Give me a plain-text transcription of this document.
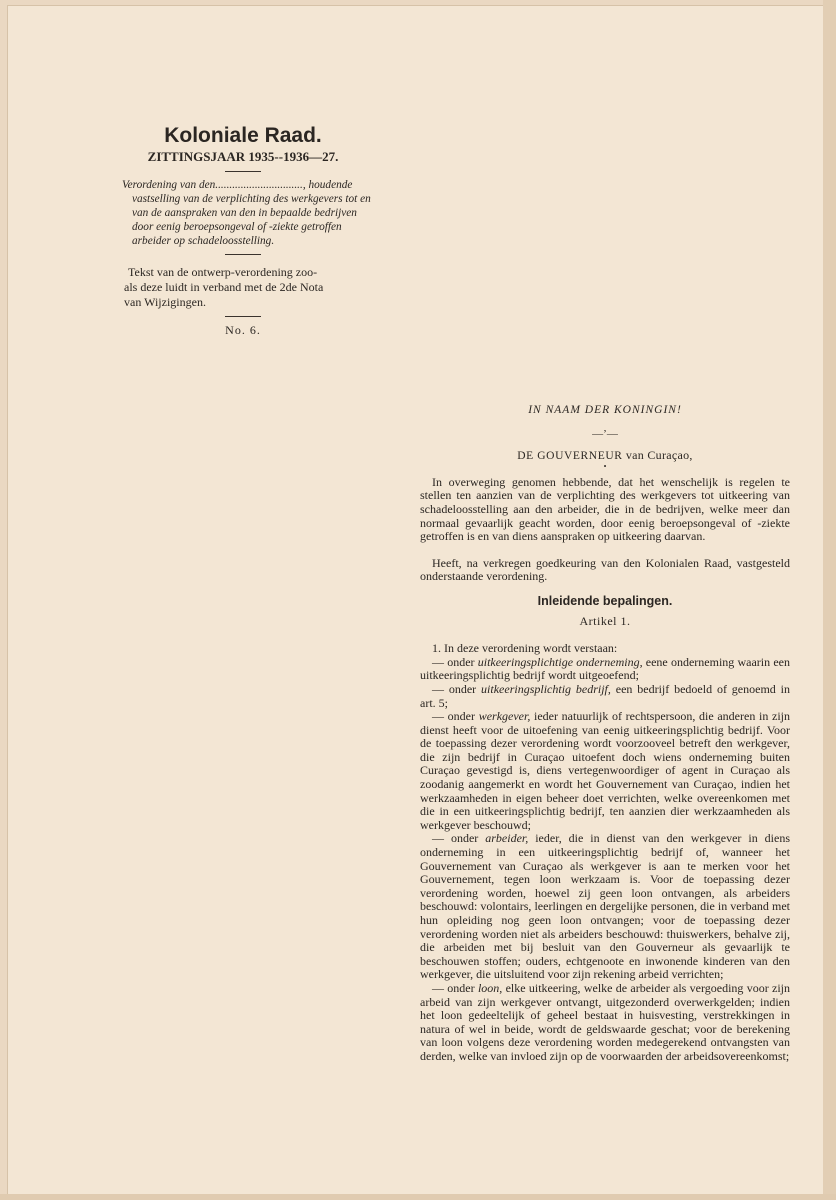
Koloniale Raad.
ZITTINGSJAAR 1935--1936—27.
Verordening van den..............................., houdende vastselling van de verplichting des werkgevers tot en van de aanspraken van den in bepaalde bedrijven door eenig beroepsongeval of -ziekte getroffen arbeider op schadeloosstelling.
Tekst van de ontwerp-verordening zoo-
als deze luidt in verband met de 2de Nota
van Wijzigingen.
No. 6.
IN NAAM DER KONINGIN!
—’—
DE GOUVERNEUR van Curaçao,
•

In overweging genomen hebbende, dat het wenschelijk is regelen te stellen ten aanzien van de verplichting des werkgevers tot uitkeering van schadeloosstelling aan den arbeider, die in de bedrijven, welke meer dan normaal gevaarlijk geacht worden, door eenig beroepsongeval of -ziekte getroffen is en van diens aanspraken op uitkeering daarvan.

Heeft, na verkregen goedkeuring van den Kolonialen Raad, vastgesteld onderstaande verordening.

Inleidende bepalingen.
Artikel 1.

1. In deze verordening wordt verstaan:

— onder uitkeeringsplichtige onderneming, eene onderneming waarin een uitkeeringsplichtig bedrijf wordt uitgeoefend;

— onder uitkeeringsplichtig bedrijf, een bedrijf bedoeld of genoemd in art. 5;

— onder werkgever, ieder natuurlijk of rechtspersoon, die anderen in zijn dienst heeft voor de uitoefening van eenig uitkeeringsplichtig bedrijf. Voor de toepassing dezer verordening wordt voorzooveel betreft den werkgever, die zijn bedrijf in Curaçao uitoefent doch wiens onderneming buiten Curaçao gevestigd is, diens vertegenwoordiger of agent in Curaçao als zoodanig aangemerkt en wordt het Gouvernement van Curaçao, indien het werkzaamheden in eigen beheer doet verrichten, welke overeenkomen met die in een uitkeeringsplichtig bedrijf, ten aanzien dier werkzaamheden als werkgever beschouwd;

— onder arbeider, ieder, die in dienst van den werkgever in diens onderneming in een uitkeeringsplichtig bedrijf of, wanneer het Gouvernement van Curaçao als werkgever is aan te merken voor het Gouvernement, tegen loon werkzaam is. Voor de toepassing dezer verordening worden, hoewel zij geen loon ontvangen, als arbeiders beschouwd: volontairs, leerlingen en dergelijke personen, die in verband met hun opleiding nog geen loon ontvangen; voor de toepassing dezer verordening worden niet als arbeiders beschouwd: thuiswerkers, behalve zij, die arbeiden met bij besluit van den Gouverneur als gevaarlijk te beschouwen stoffen; ouders, echtgenoote en inwonende kinderen van den werkgever, die uitsluitend voor zijn rekening arbeid verrichten;

— onder loon, elke uitkeering, welke de arbeider als vergoeding voor zijn arbeid van zijn werkgever ontvangt, uitgezonderd overwerkgelden; indien het loon gedeeltelijk of geheel bestaat in huisvesting, verstrekkingen in natura of wel in beide, wordt de geldswaarde geschat; voor de berekening van loon volgens deze verordening worden medegerekend ontvangsten van derden, welke van invloed zijn op de voorwaarden der arbeidsovereenkomst;
